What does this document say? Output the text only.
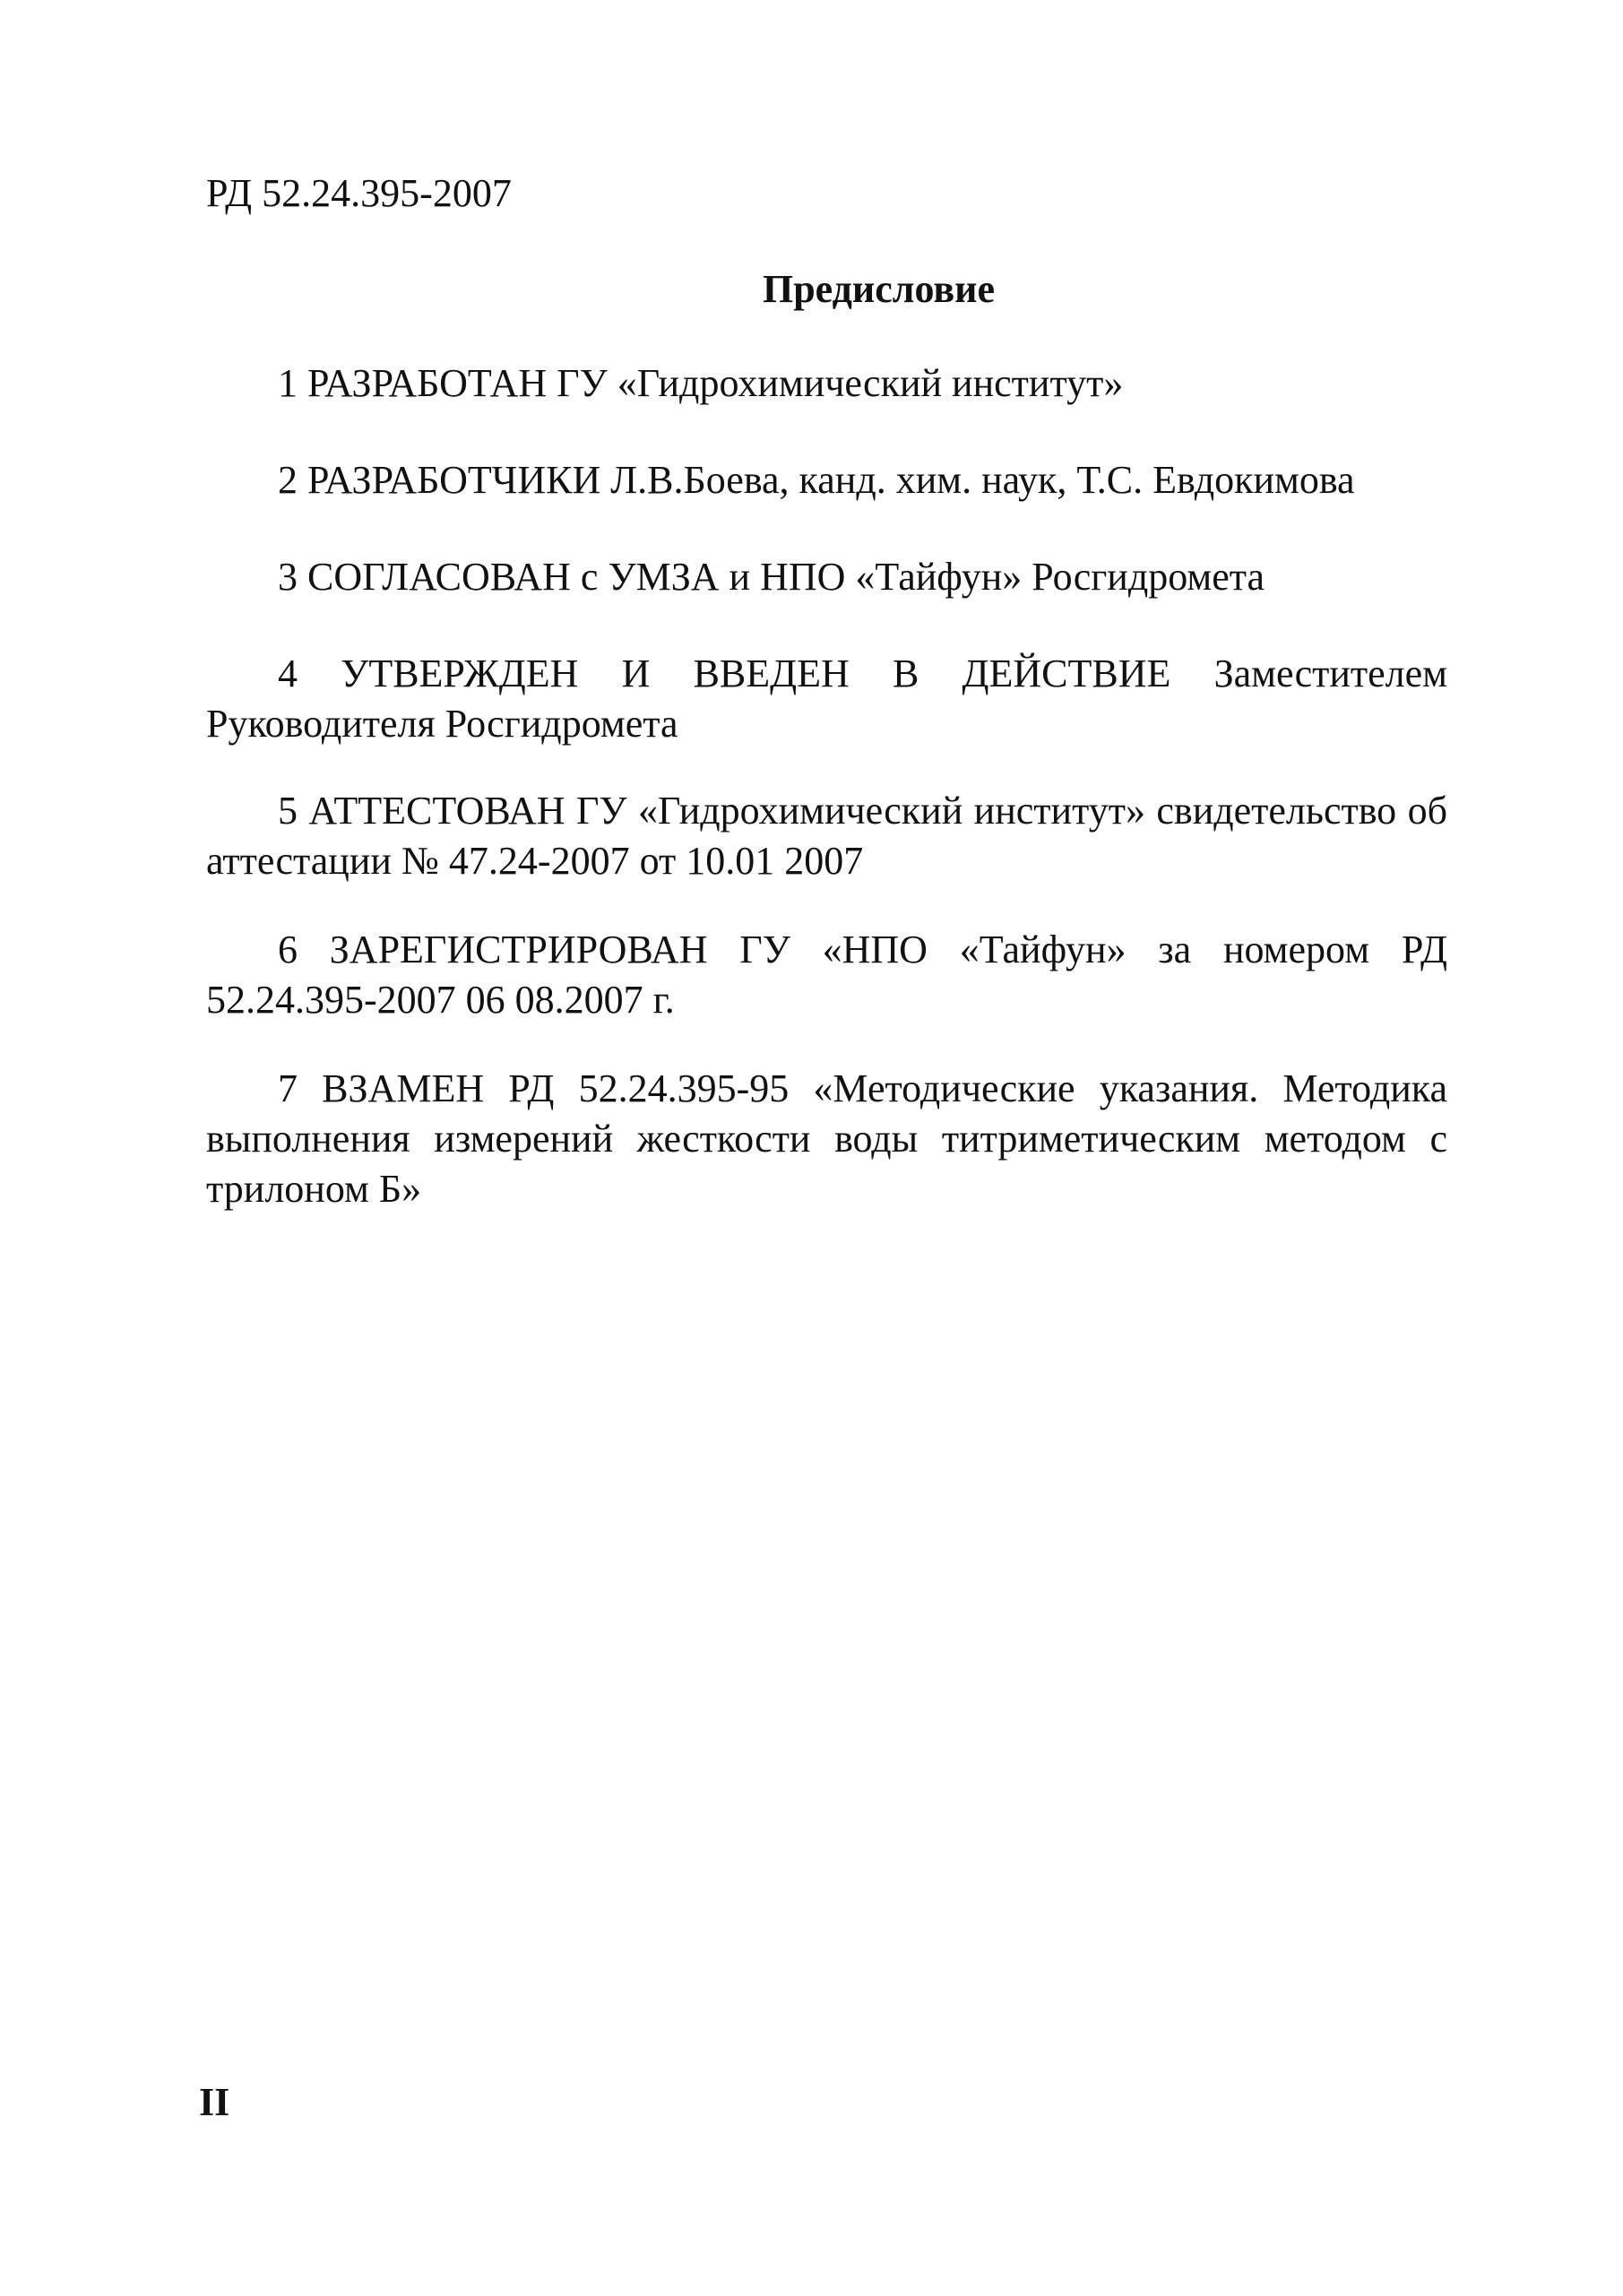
РД 52.24.395-2007
Предисловие

1 РАЗРАБОТАН ГУ «Гидрохимический институт»

2 РАЗРАБОТЧИКИ Л.В.Боева, канд. хим. наук, Т.С. Евдокимова

3 СОГЛАСОВАН с УМЗА и НПО «Тайфун» Росгидромета

4 УТВЕРЖДЕН И ВВЕДЕН В ДЕЙСТВИЕ Заместителем Руководителя Росгидромета

5 АТТЕСТОВАН ГУ «Гидрохимический институт» свидетельство об аттестации № 47.24-2007 от 10.01 2007

6 ЗАРЕГИСТРИРОВАН ГУ «НПО «Тайфун» за номером РД 52.24.395-2007 06 08.2007 г.

7 ВЗАМЕН РД 52.24.395-95 «Методические указания. Методика выполнения измерений жесткости воды титриметическим методом с трилоном Б»

II
